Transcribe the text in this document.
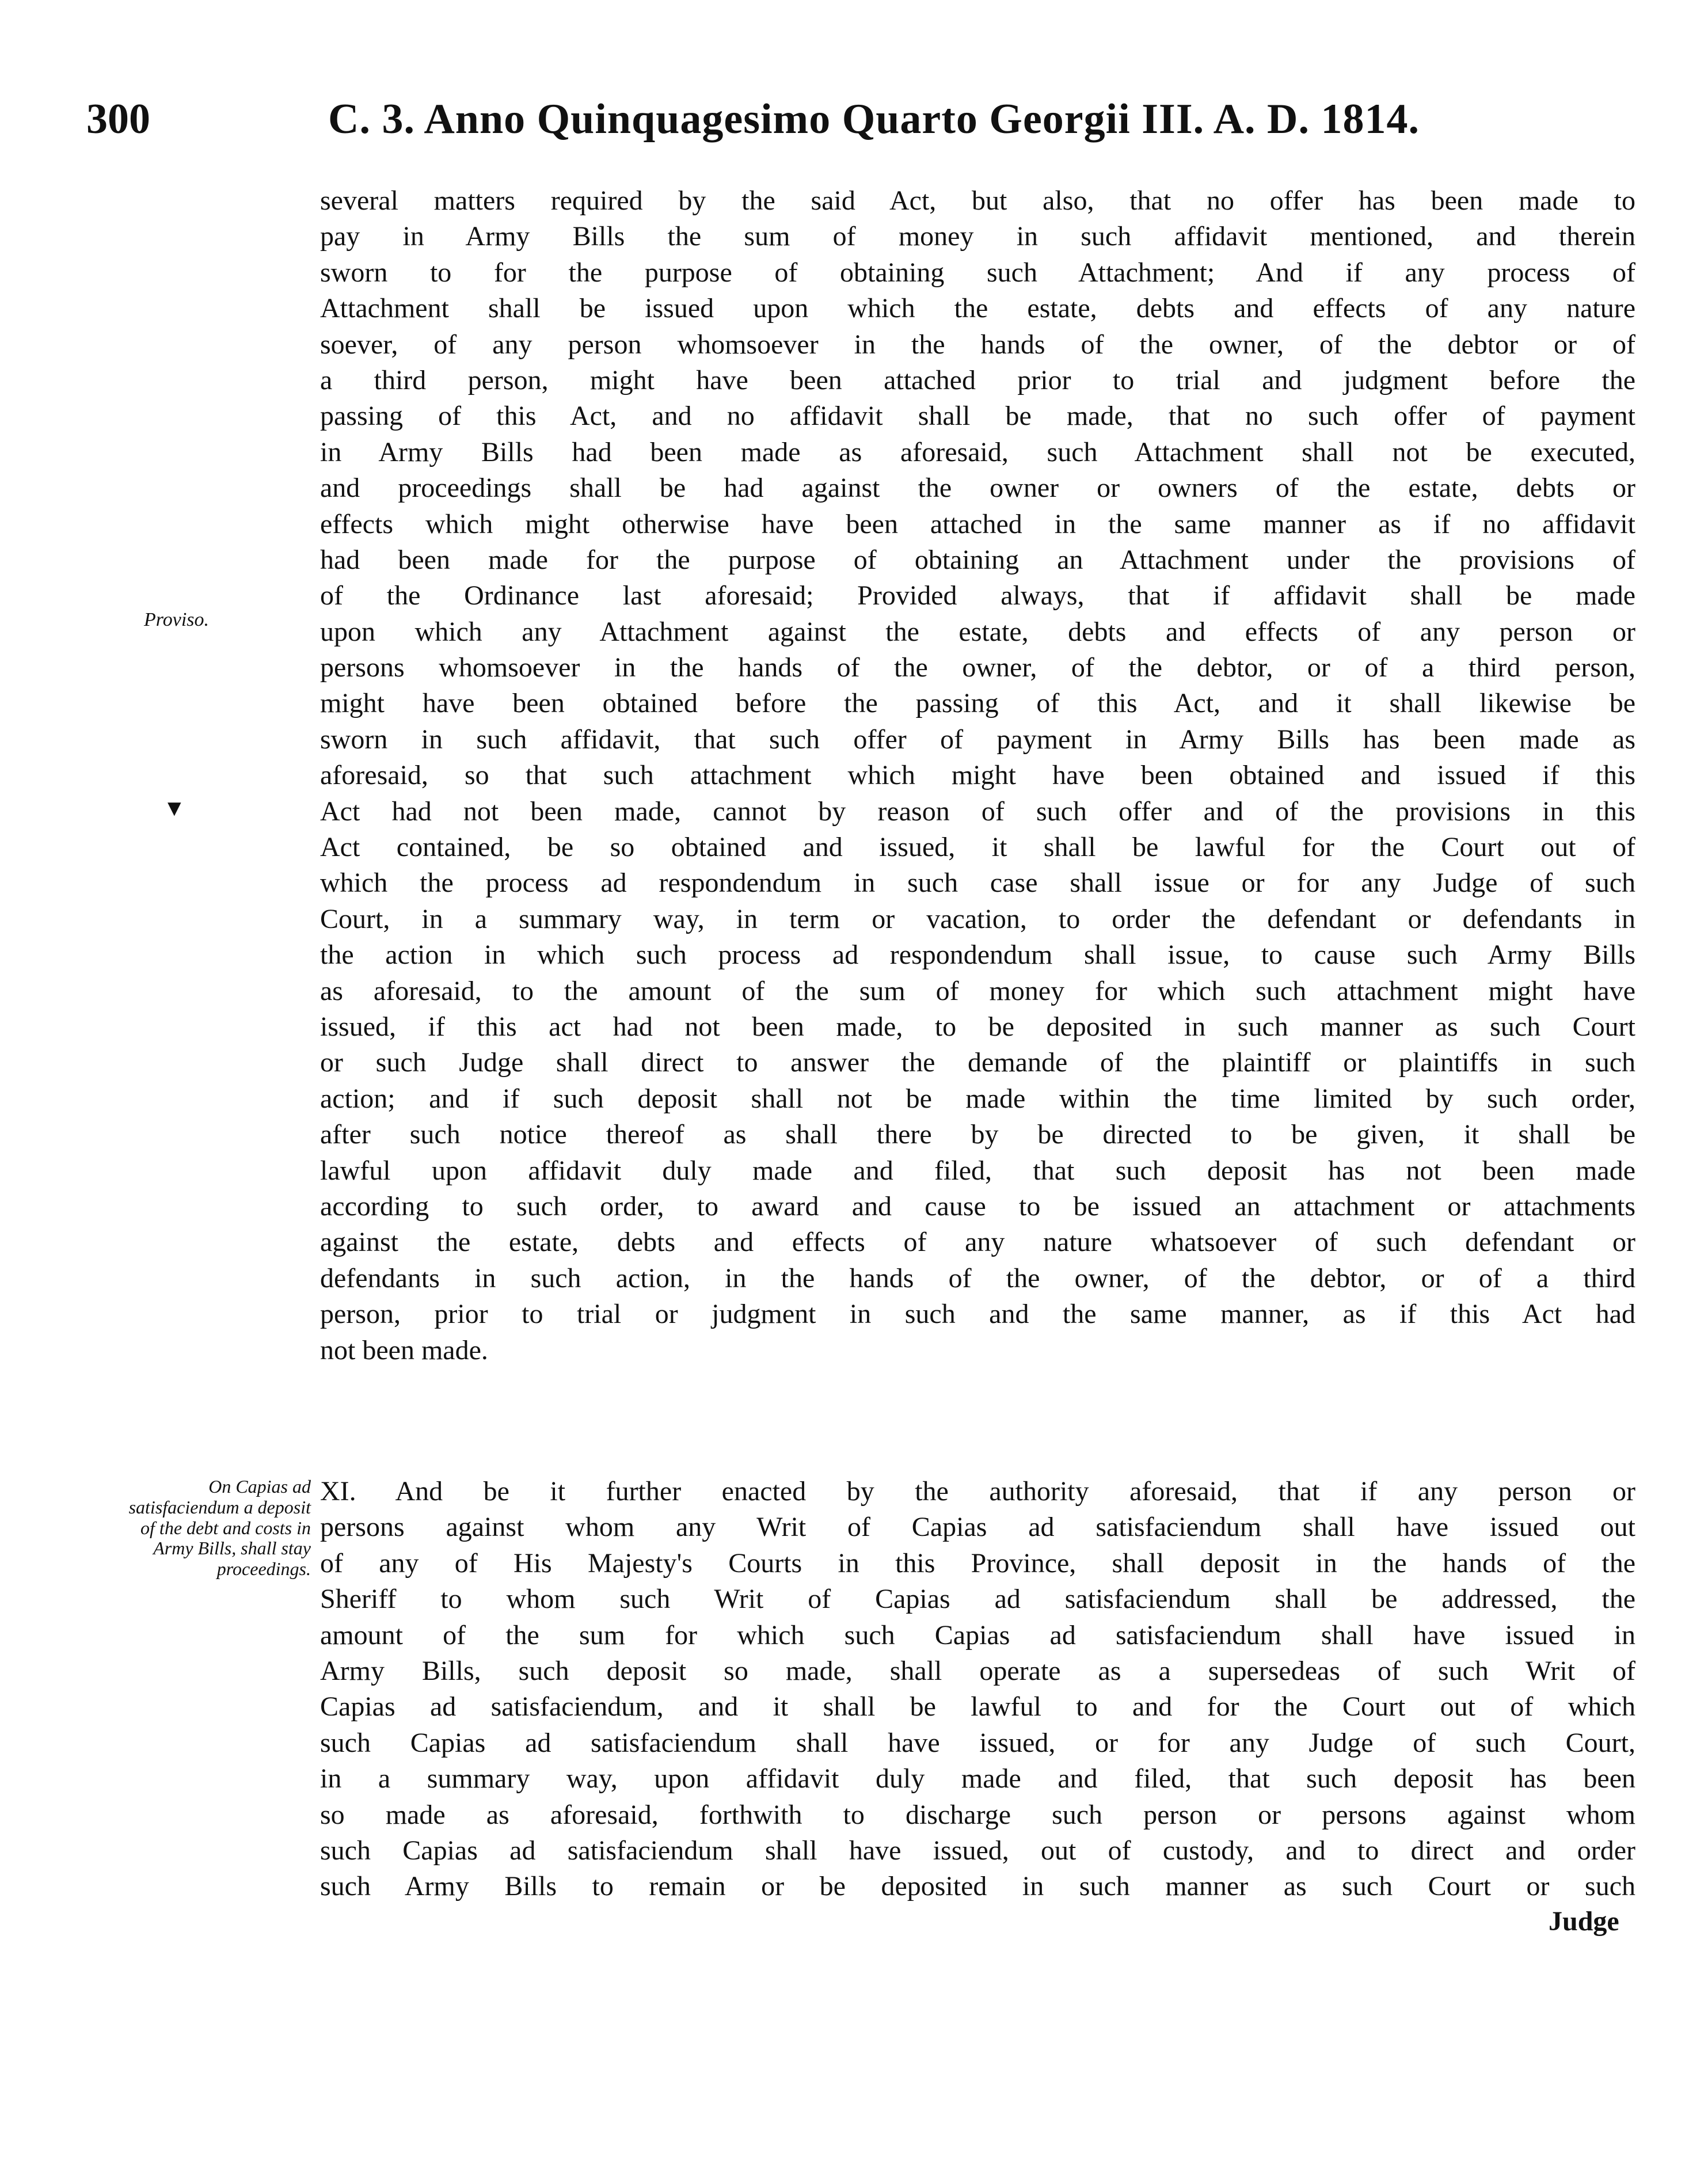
300	C. 3. Anno Quinquagesimo Quarto Georgii III. A. D. 1814.
Proviso.
On Capias ad satisfaciendum a deposit of the debt and costs in Army Bills, shall stay proceedings.
▼
several matters required by the said Act, but also, that no offer has been made to
pay in Army Bills the sum of money in such affidavit mentioned, and therein
sworn to for the purpose of obtaining such Attachment; And if any process of
Attachment shall be issued upon which the estate, debts and effects of any nature
soever, of any person whomsoever in the hands of the owner, of the debtor or of
a third person, might have been attached prior to trial and judgment before the
passing of this Act, and no affidavit shall be made, that no such offer of payment
in Army Bills had been made as aforesaid, such Attachment shall not be executed,
and proceedings shall be had against the owner or owners of the estate, debts or
effects which might otherwise have been attached in the same manner as if no affidavit
had been made for the purpose of obtaining an Attachment under the provisions of
of the Ordinance last aforesaid; Provided always, that if affidavit shall be made
upon which any Attachment against the estate, debts and effects of any person or
persons whomsoever in the hands of the owner, of the debtor, or of a third person,
might have been obtained before the passing of this Act, and it shall likewise be
sworn in such affidavit, that such offer of payment in Army Bills has been made as
aforesaid, so that such attachment which might have been obtained and issued if this
Act had not been made, cannot by reason of such offer and of the provisions in this
Act contained, be so obtained and issued, it shall be lawful for the Court out of
which the process ad respondendum in such case shall issue or for any Judge of such
Court, in a summary way, in term or vacation, to order the defendant or defendants in
the action in which such process ad respondendum shall issue, to cause such Army Bills
as aforesaid, to the amount of the sum of money for which such attachment might have
issued, if this act had not been made, to be deposited in such manner as such Court
or such Judge shall direct to answer the demande of the plaintiff or plaintiffs in such
action; and if such deposit shall not be made within the time limited by such order,
after such notice thereof as shall there by be directed to be given, it shall be
lawful upon affidavit duly made and filed, that such deposit has not been made
according to such order, to award and cause to be issued an attachment or attachments
against the estate, debts and effects of any nature whatsoever of such defendant or
defendants in such action, in the hands of the owner, of the debtor, or of a third
person, prior to trial or judgment in such and the same manner, as if this Act had
not been made.
XI. And be it further enacted by the authority aforesaid, that if any person or
persons against whom any Writ of Capias ad satisfaciendum shall have issued out
of any of His Majesty's Courts in this Province, shall deposit in the hands of the
Sheriff to whom such Writ of Capias ad satisfaciendum shall be addressed, the
amount of the sum for which such Capias ad satisfaciendum shall have issued in
Army Bills, such deposit so made, shall operate as a supersedeas of such Writ of
Capias ad satisfaciendum, and it shall be lawful to and for the Court out of which
such Capias ad satisfaciendum shall have issued, or for any Judge of such Court,
in a summary way, upon affidavit duly made and filed, that such deposit has been
so made as aforesaid, forthwith to discharge such person or persons against whom
such Capias ad satisfaciendum shall have issued, out of custody, and to direct and order
such Army Bills to remain or be deposited in such manner as such Court or such
Judge
